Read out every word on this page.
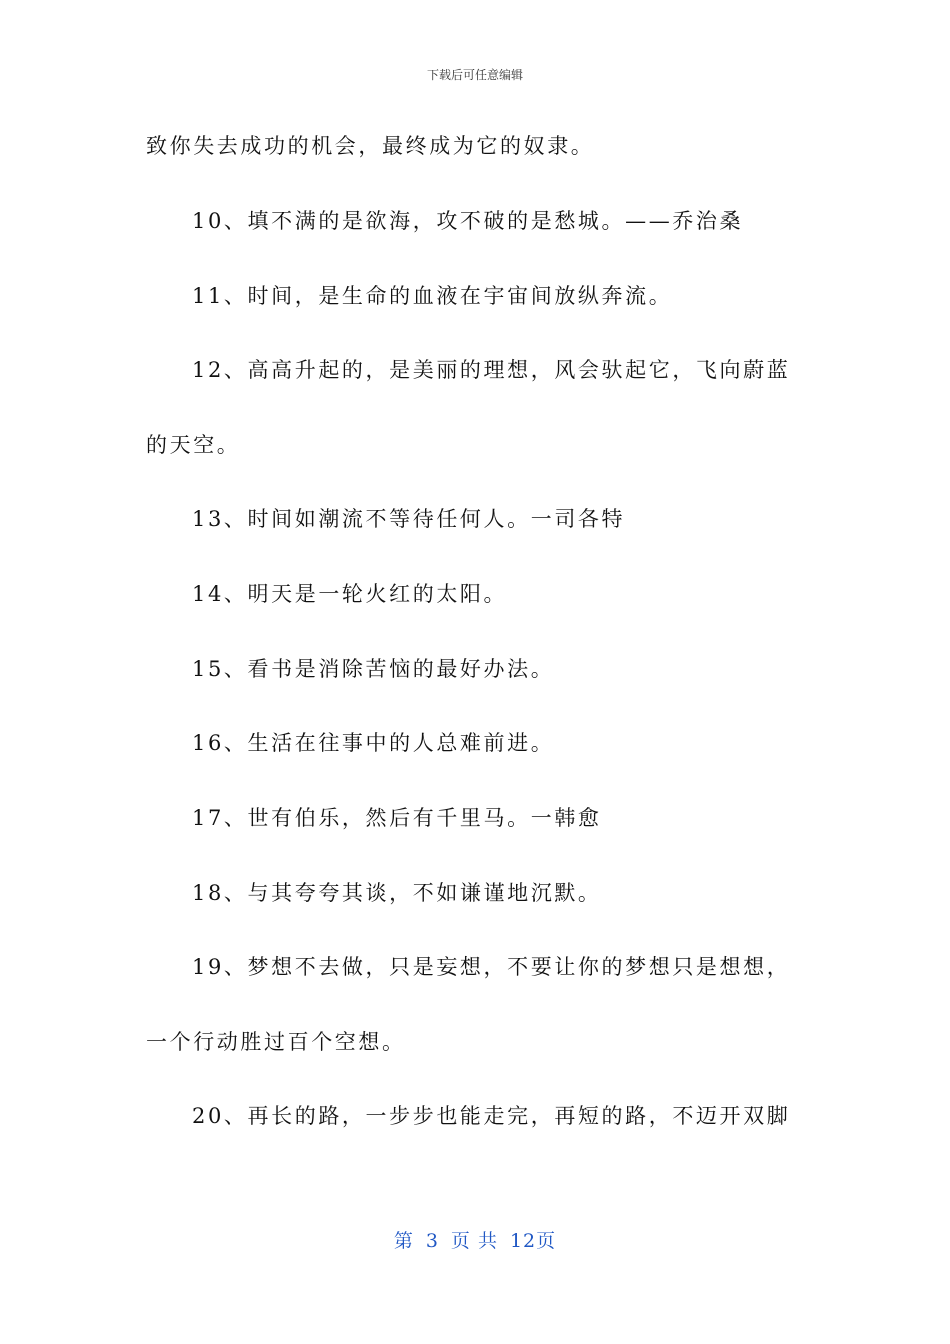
下载后可任意编辑
致你失去成功的机会，最终成为它的奴隶。
10、填不满的是欲海，攻不破的是愁城。——乔治桑
11、时间，是生命的血液在宇宙间放纵奔流。
12、高高升起的，是美丽的理想，风会驮起它，飞向蔚蓝
的天空。
13、时间如潮流不等待任何人。一司各特
14、明天是一轮火红的太阳。
15、看书是消除苦恼的最好办法。
16、生活在往事中的人总难前进。
17、世有伯乐，然后有千里马。一韩愈
18、与其夸夸其谈，不如谦谨地沉默。
19、梦想不去做，只是妄想，不要让你的梦想只是想想，
一个行动胜过百个空想。
20、再长的路，一步步也能走完，再短的路，不迈开双脚
第 3 页 共 12页
